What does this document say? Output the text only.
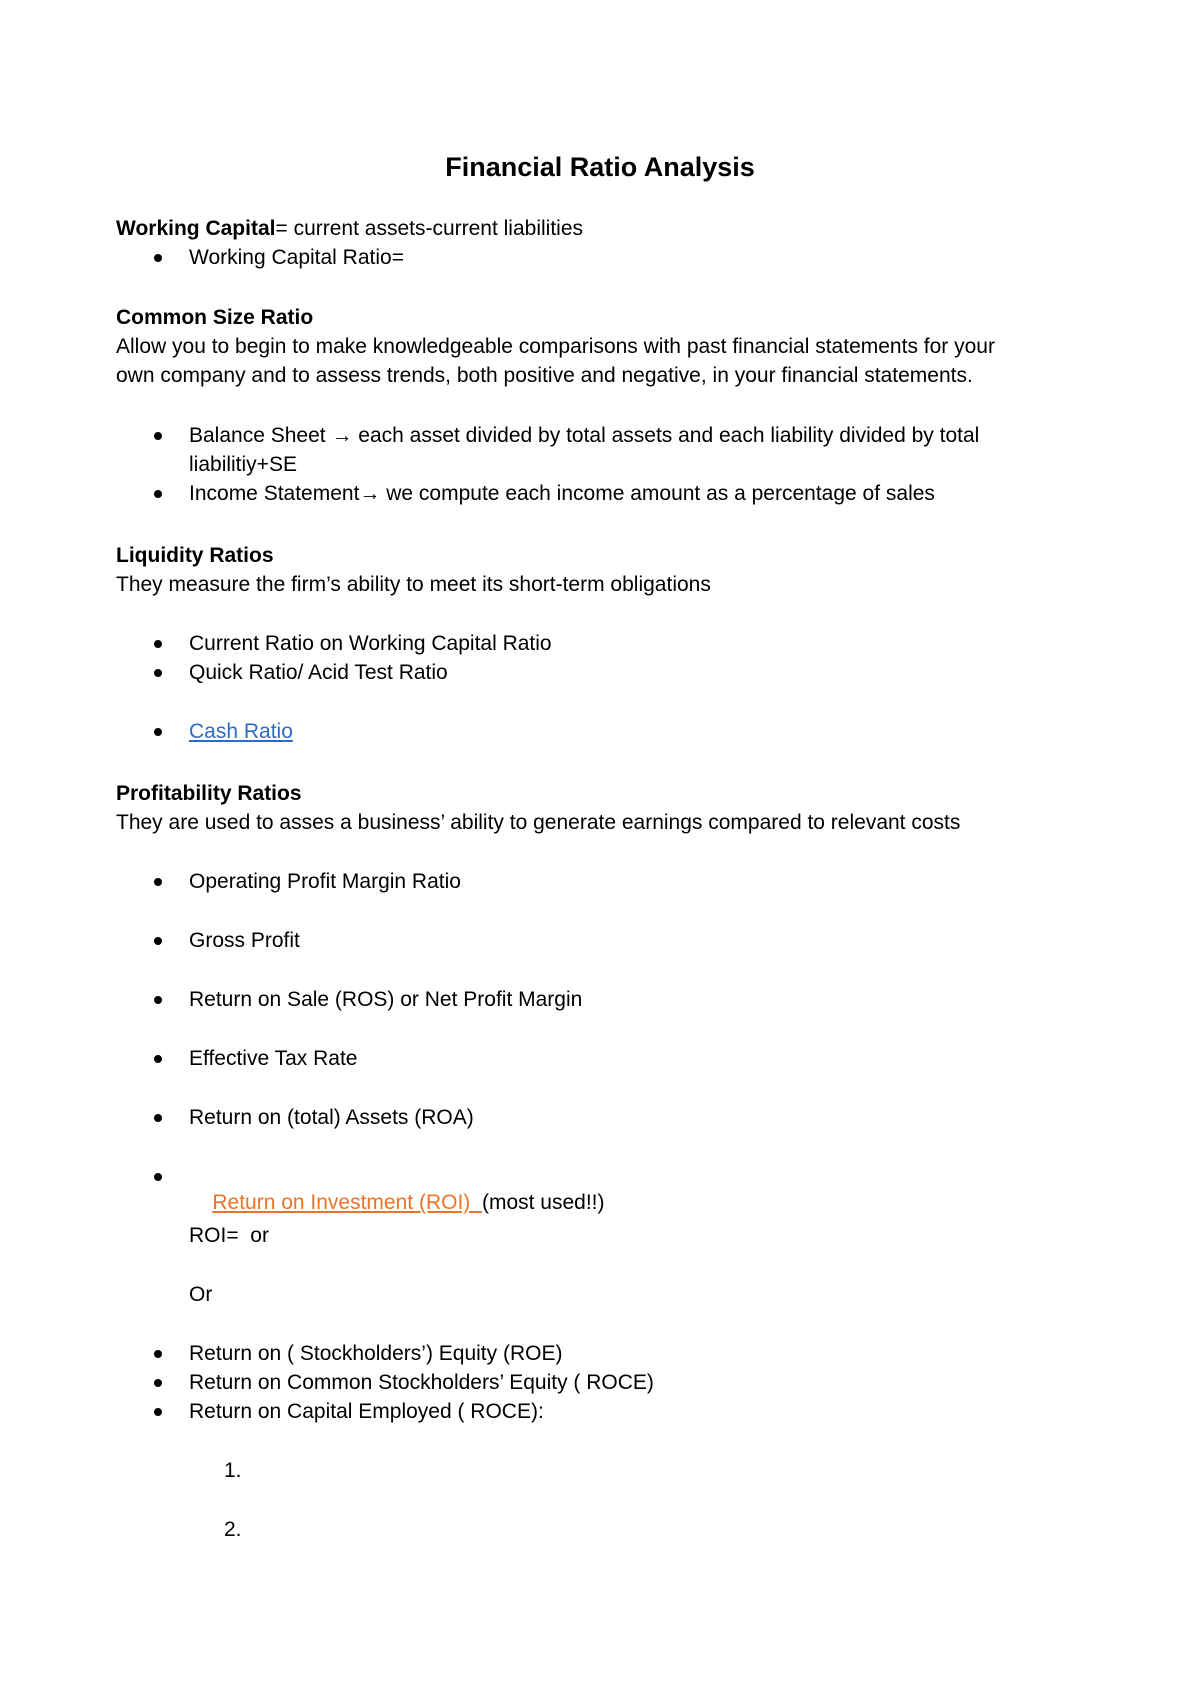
Financial Ratio Analysis
Working Capital= current assets-current liabilities
Working Capital Ratio=
Common Size Ratio
Allow you to begin to make knowledgeable comparisons with past financial statements for your
own company and to assess trends, both positive and negative, in your financial statements.
Balance Sheet → each asset divided by total assets and each liability divided by total
liabilitiy+SE
Income Statement→ we compute each income amount as a percentage of sales
Liquidity Ratios
They measure the firm’s ability to meet its short-term obligations
Current Ratio on Working Capital Ratio
Quick Ratio/ Acid Test Ratio
Cash Ratio
Profitability Ratios
They are used to asses a business’ ability to generate earnings compared to relevant costs
Operating Profit Margin Ratio
Gross Profit
Return on Sale (ROS) or Net Profit Margin
Effective Tax Rate
Return on (total) Assets (ROA)

Return on Investment (ROI)  (most used!!)

ROI=  or
Or
Return on ( Stockholders’) Equity (ROE)
Return on Common Stockholders’ Equity ( ROCE)
Return on Capital Employed ( ROCE):
1.
2.
